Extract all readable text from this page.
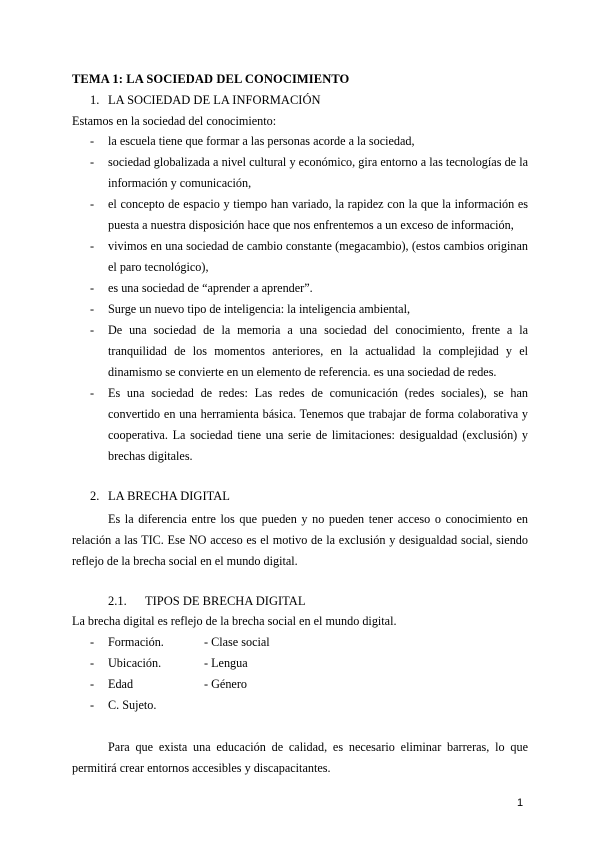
TEMA 1: LA SOCIEDAD DEL CONOCIMIENTO
1. LA SOCIEDAD DE LA INFORMACIÓN
Estamos en la sociedad del conocimiento:
- la escuela tiene que formar a las personas acorde a la sociedad,
- sociedad globalizada a nivel cultural y económico, gira entorno a las tecnologías de la información y comunicación,
- el concepto de espacio y tiempo han variado, la rapidez con la que la información es puesta a nuestra disposición hace que nos enfrentemos a un exceso de información,
- vivimos en una sociedad de cambio constante (megacambio), (estos cambios originan el paro tecnológico),
- es una sociedad de “aprender a aprender”.
- Surge un nuevo tipo de inteligencia: la inteligencia ambiental,
- De una sociedad de la memoria a una sociedad del conocimiento, frente a la tranquilidad de los momentos anteriores, en la actualidad la complejidad y el dinamismo se convierte en un elemento de referencia. es una sociedad de redes.
- Es una sociedad de redes: Las redes de comunicación (redes sociales), se han convertido en una herramienta básica. Tenemos que trabajar de forma colaborativa y cooperativa. La sociedad tiene una serie de limitaciones: desigualdad (exclusión) y brechas digitales.
2. LA BRECHA DIGITAL
Es la diferencia entre los que pueden y no pueden tener acceso o conocimiento en relación a las TIC. Ese NO acceso es el motivo de la exclusión y desigualdad social, siendo reflejo de la brecha social en el mundo digital.
2.1. TIPOS DE BRECHA DIGITAL
La brecha digital es reflejo de la brecha social en el mundo digital.
- Formación.	- Clase social
- Ubicación.	- Lengua
- Edad	- Género
- C. Sujeto.
Para que exista una educación de calidad, es necesario eliminar barreras, lo que permitirá crear entornos accesibles y discapacitantes.
1
